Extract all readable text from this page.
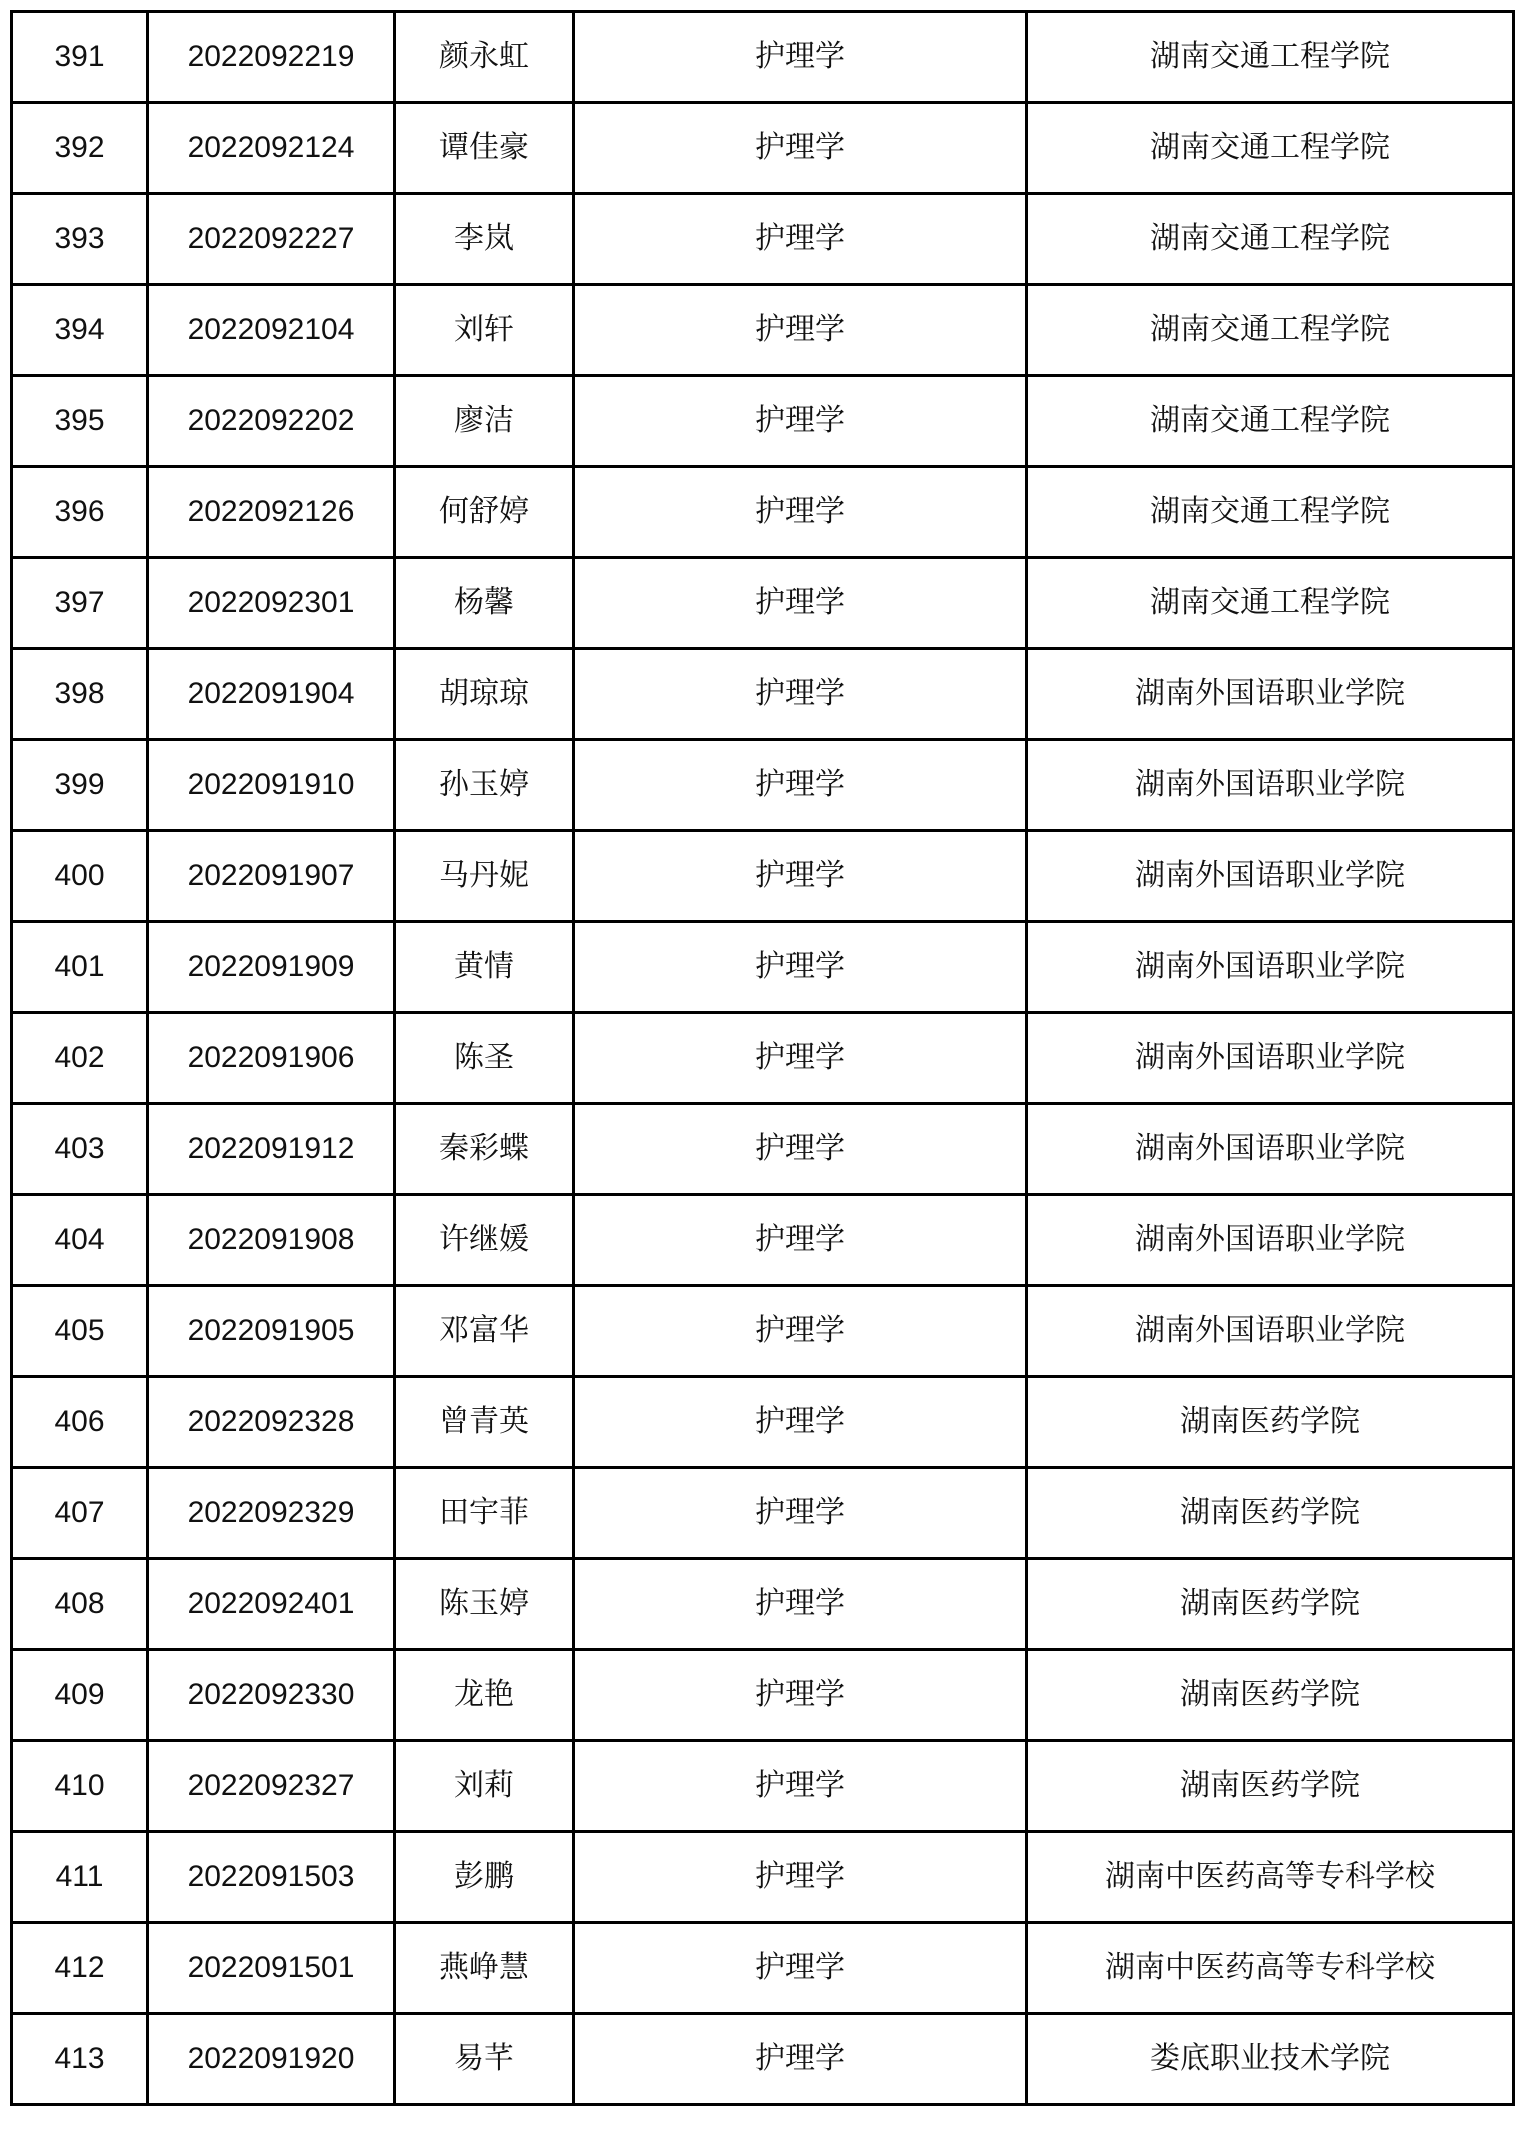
391	2022092219	颜永虹	护理学	湖南交通工程学院
392	2022092124	谭佳豪	护理学	湖南交通工程学院
393	2022092227	李岚	护理学	湖南交通工程学院
394	2022092104	刘轩	护理学	湖南交通工程学院
395	2022092202	廖洁	护理学	湖南交通工程学院
396	2022092126	何舒婷	护理学	湖南交通工程学院
397	2022092301	杨馨	护理学	湖南交通工程学院
398	2022091904	胡琼琼	护理学	湖南外国语职业学院
399	2022091910	孙玉婷	护理学	湖南外国语职业学院
400	2022091907	马丹妮	护理学	湖南外国语职业学院
401	2022091909	黄情	护理学	湖南外国语职业学院
402	2022091906	陈圣	护理学	湖南外国语职业学院
403	2022091912	秦彩蝶	护理学	湖南外国语职业学院
404	2022091908	许继媛	护理学	湖南外国语职业学院
405	2022091905	邓富华	护理学	湖南外国语职业学院
406	2022092328	曾青英	护理学	湖南医药学院
407	2022092329	田宇菲	护理学	湖南医药学院
408	2022092401	陈玉婷	护理学	湖南医药学院
409	2022092330	龙艳	护理学	湖南医药学院
410	2022092327	刘莉	护理学	湖南医药学院
411	2022091503	彭鹏	护理学	湖南中医药高等专科学校
412	2022091501	燕峥慧	护理学	湖南中医药高等专科学校
413	2022091920	易芊	护理学	娄底职业技术学院
